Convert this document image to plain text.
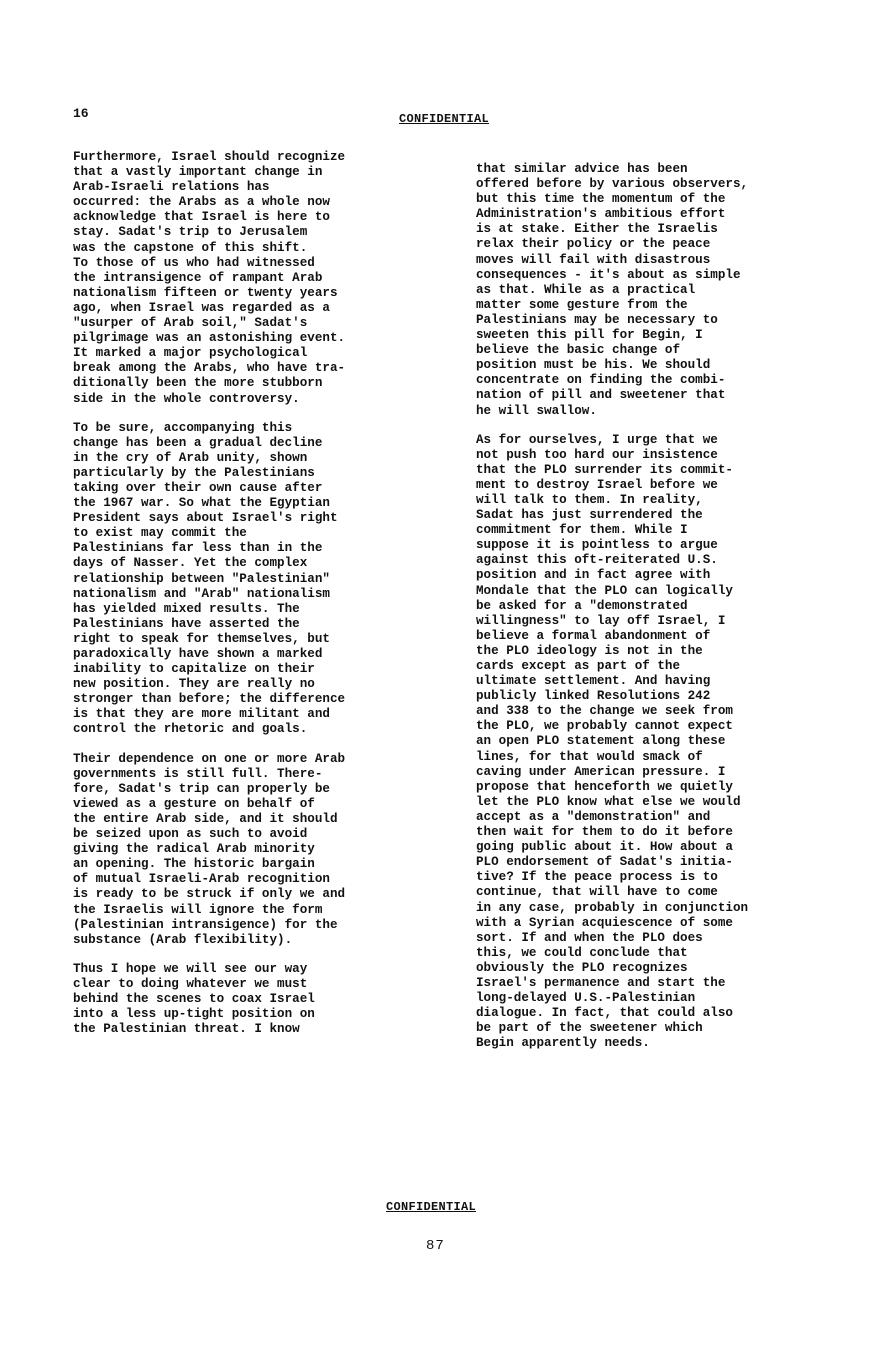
16	CONFIDENTIAL

Furthermore, Israel should recognize
that a vastly important change in
Arab-Israeli relations has
occurred: the Arabs as a whole now
acknowledge that Israel is here to
stay. Sadat's trip to Jerusalem
was the capstone of this shift.
To those of us who had witnessed
the intransigence of rampant Arab
nationalism fifteen or twenty years
ago, when Israel was regarded as a
"usurper of Arab soil," Sadat's
pilgrimage was an astonishing event.
It marked a major psychological
break among the Arabs, who have tra-
ditionally been the more stubborn
side in the whole controversy.

To be sure, accompanying this
change has been a gradual decline
in the cry of Arab unity, shown
particularly by the Palestinians
taking over their own cause after
the 1967 war. So what the Egyptian
President says about Israel's right
to exist may commit the
Palestinians far less than in the
days of Nasser. Yet the complex
relationship between "Palestinian"
nationalism and "Arab" nationalism
has yielded mixed results. The
Palestinians have asserted the
right to speak for themselves, but
paradoxically have shown a marked
inability to capitalize on their
new position. They are really no
stronger than before; the difference
is that they are more militant and
control the rhetoric and goals.

Their dependence on one or more Arab
governments is still full. There-
fore, Sadat's trip can properly be
viewed as a gesture on behalf of
the entire Arab side, and it should
be seized upon as such to avoid
giving the radical Arab minority
an opening. The historic bargain
of mutual Israeli-Arab recognition
is ready to be struck if only we and
the Israelis will ignore the form
(Palestinian intransigence) for the
substance (Arab flexibility).

Thus I hope we will see our way
clear to doing whatever we must
behind the scenes to coax Israel
into a less up-tight position on
the Palestinian threat. I know

that similar advice has been
offered before by various observers,
but this time the momentum of the
Administration's ambitious effort
is at stake. Either the Israelis
relax their policy or the peace
moves will fail with disastrous
consequences - it's about as simple
as that. While as a practical
matter some gesture from the
Palestinians may be necessary to
sweeten this pill for Begin, I
believe the basic change of
position must be his. We should
concentrate on finding the combi-
nation of pill and sweetener that
he will swallow.

As for ourselves, I urge that we
not push too hard our insistence
that the PLO surrender its commit-
ment to destroy Israel before we
will talk to them. In reality,
Sadat has just surrendered the
commitment for them. While I
suppose it is pointless to argue
against this oft-reiterated U.S.
position and in fact agree with
Mondale that the PLO can logically
be asked for a "demonstrated
willingness" to lay off Israel, I
believe a formal abandonment of
the PLO ideology is not in the
cards except as part of the
ultimate settlement. And having
publicly linked Resolutions 242
and 338 to the change we seek from
the PLO, we probably cannot expect
an open PLO statement along these
lines, for that would smack of
caving under American pressure. I
propose that henceforth we quietly
let the PLO know what else we would
accept as a "demonstration" and
then wait for them to do it before
going public about it. How about a
PLO endorsement of Sadat's initia-
tive? If the peace process is to
continue, that will have to come
in any case, probably in conjunction
with a Syrian acquiescence of some
sort. If and when the PLO does
this, we could conclude that
obviously the PLO recognizes
Israel's permanence and start the
long-delayed U.S.-Palestinian
dialogue. In fact, that could also
be part of the sweetener which
Begin apparently needs.

CONFIDENTIAL
87
